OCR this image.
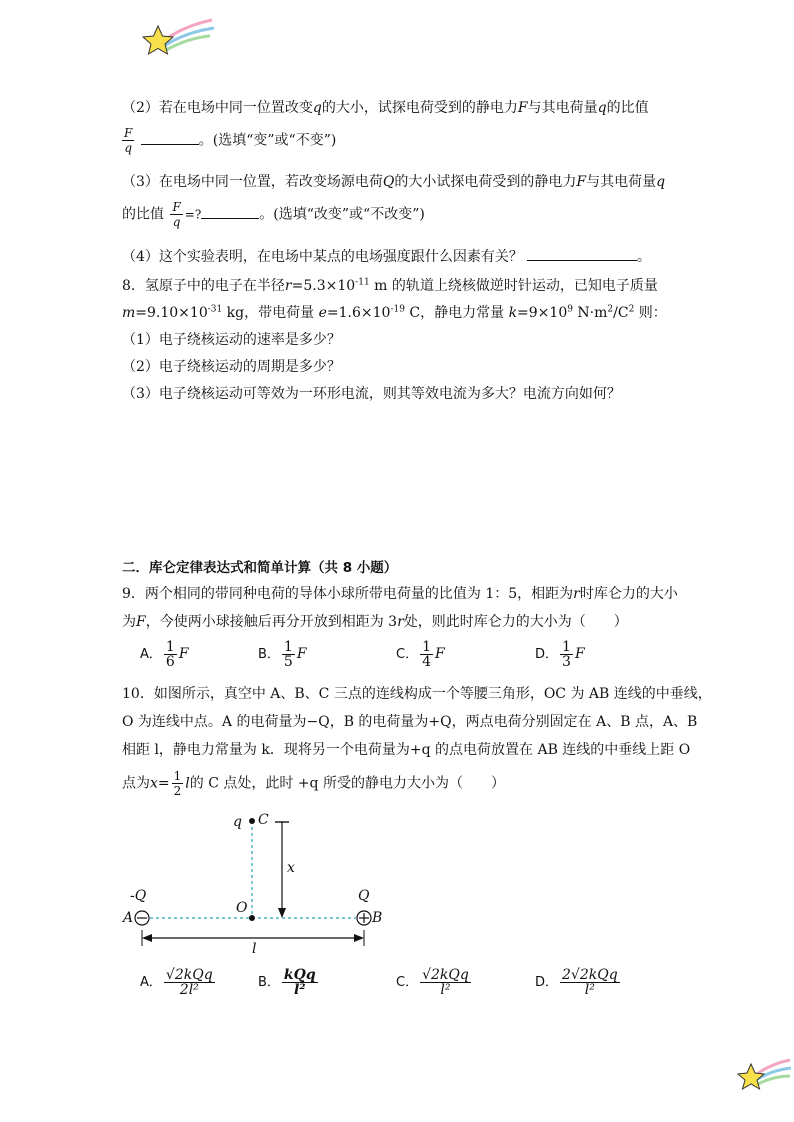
（2）若在电场中同一位置改变q的大小，试探电荷受到的静电力F与其电荷量q的比值
$\frac{F}{q}$	。(选填“变”或“不变”)
（3）在电场中同一位置，若改变场源电荷Q的大小试探电荷受到的静电力F与其电荷量q
的比值 $\frac{F}{q}$ =?	。(选填“改变”或“不改变”)
（4）这个实验表明，在电场中某点的电场强度跟什么因素有关？	。
8．氢原子中的电子在半径$r=5.3\times 10^{-11}$ m 的轨道上绕核做逆时针运动，已知电子质量
$m=9.10\times 10^{-31}$ kg，带电荷量 $e=1.6\times 10^{-19}$ C，静电力常量 $k=9\times 10^9$ $N\cdot m^2/C^2$ 则：
（1）电子绕核运动的速率是多少？
（2）电子绕核运动的周期是多少？
（3）电子绕核运动可等效为一环形电流，则其等效电流为多大？电流方向如何？
二．库仑定律表达式和简单计算（共 8 小题）
9．两个相同的带同种电荷的导体小球所带电荷量的比值为 1：5，相距为r时库仑力的大小
为F，今使两小球接触后再分开放到相距为 3r处，则此时库仑力的大小为（　　）
A． $\frac{1}{6}$ F	B． $\frac{1}{5}$ F	C． $\frac{1}{4}$ F	D． $\frac{1}{3}$ F
10．如图所示，真空中 A、B、C 三点的连线构成一个等腰三角形，OC 为 AB 连线的中垂线，
O 为连线中点。A 的电荷量为−Q，B 的电荷量为+Q，两点电荷分别固定在 A、B 点，A、B
相距 l，静电力常量为 k．现将另一个电荷量为+q 的点电荷放置在 AB 连线的中垂线上距 O
点为$x= \frac{1}{2}$ l的 C 点处，此时 +q 所受的静电力大小为（　　）
q C
x
-Q	Q
A	B
O
l
A． $\frac{\text{√2kQq}}{\text{2l²}}$	B． $\frac{\text{kQq}}{\text{l²}}$	C． $\frac{\text{√2kQq}}{\text{l²}}$	D． $\frac{\text{2√2kQq}}{\text{l²}}$
